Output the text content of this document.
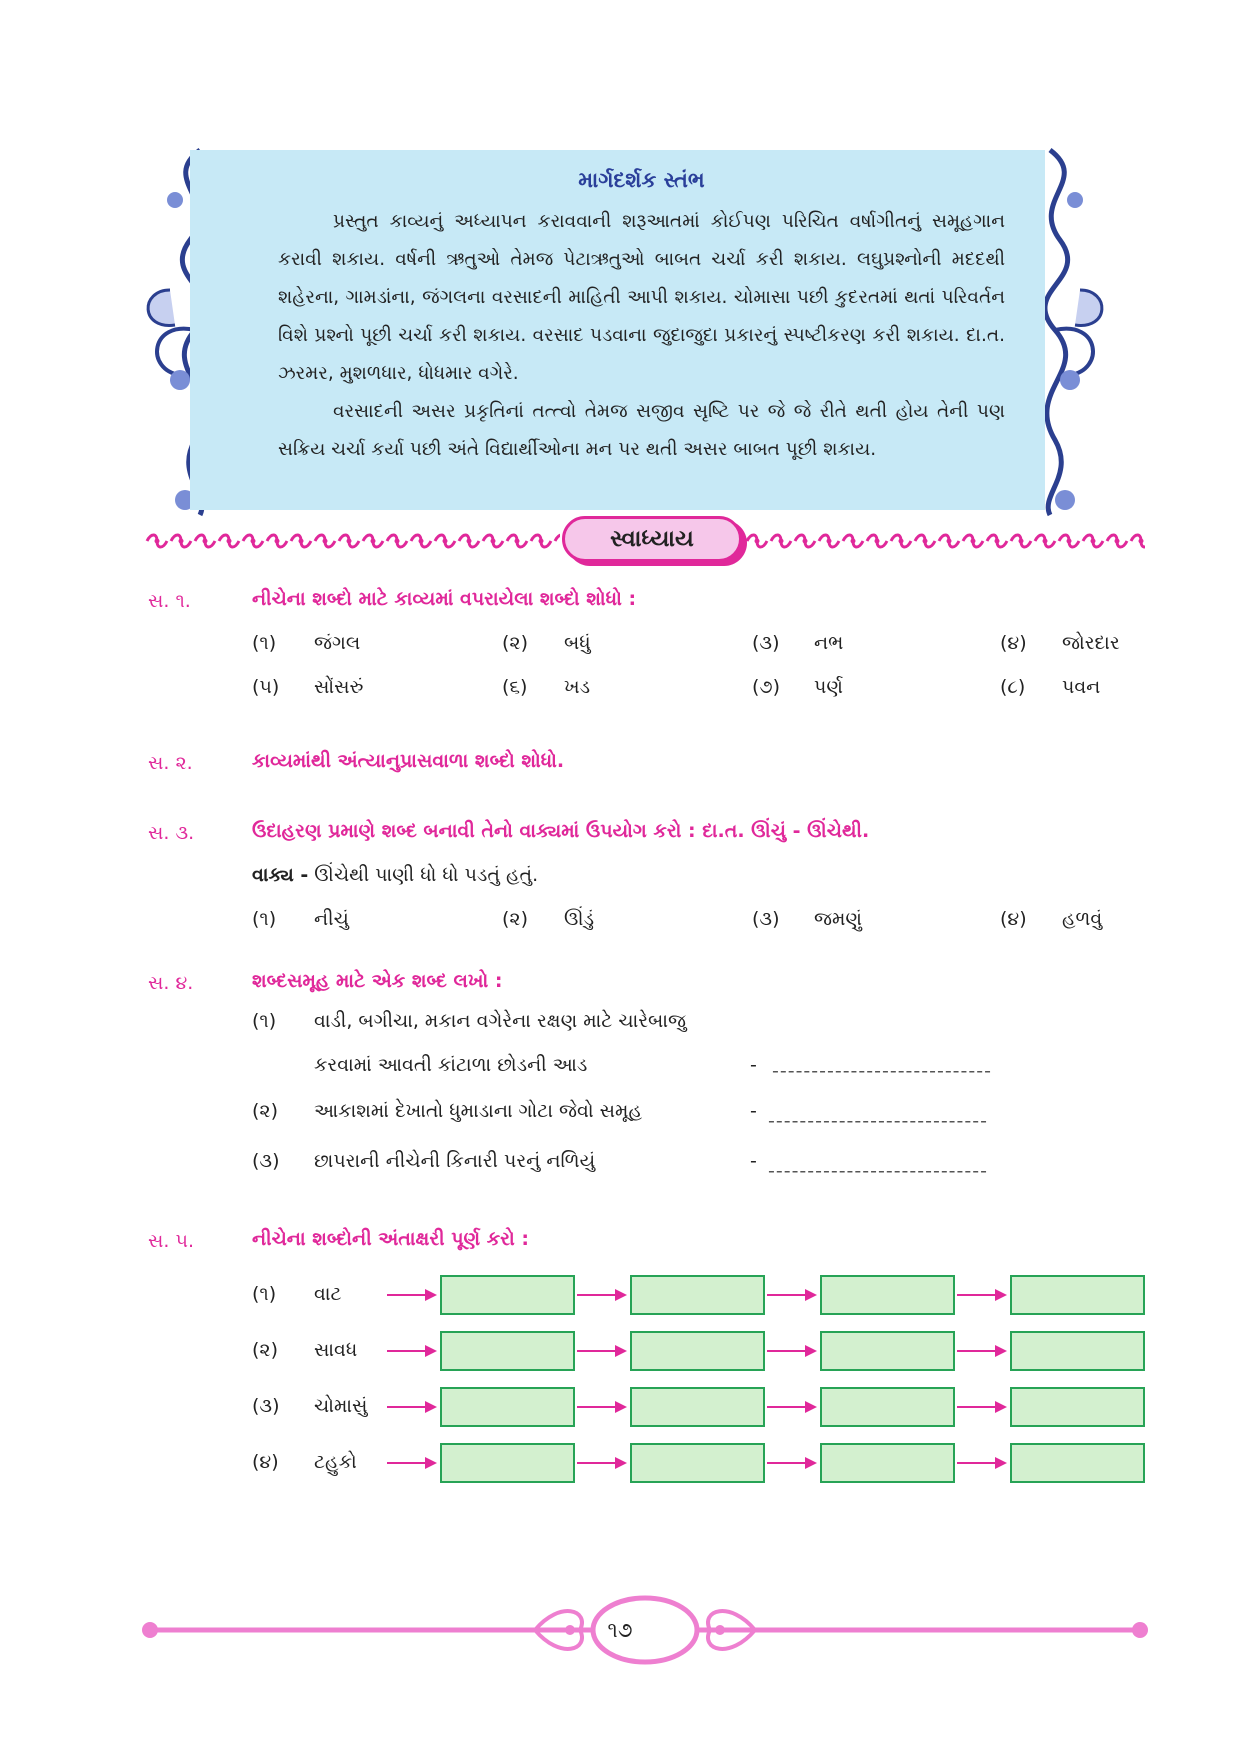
માર્ગદર્શક સ્તંભ

પ્રસ્તુત કાવ્યનું અધ્યાપન કરાવવાની શરૂઆતમાં કોઈપણ પરિચિત વર્ષાગીતનું સમૂહગાન કરાવી શકાય. વર્ષની ઋતુઓ તેમજ પેટાઋતુઓ બાબત ચર્ચા કરી શકાય. લઘુપ્રશ્નોની મદદથી શહેરના, ગામડાંના, જંગલના વરસાદની માહિતી આપી શકાય. ચોમાસા પછી કુદરતમાં થતાં પરિવર્તન વિશે પ્રશ્નો પૂછી ચર્ચા કરી શકાય. વરસાદ પડવાના જુદાજુદા પ્રકારનું સ્પષ્ટીકરણ કરી શકાય. દા.ત. ઝરમર, મુશળધાર, ધોધમાર વગેરે.

વરસાદની અસર પ્રકૃતિનાં તત્ત્વો તેમજ સજીવ સૃષ્ટિ પર જે જે રીતે થતી હોય તેની પણ સક્રિય ચર્ચા કર્યા પછી અંતે વિદ્યાર્થીઓના મન પર થતી અસર બાબત પૂછી શકાય.

સ્વાધ્યાય
સ. ૧.	નીચેના શબ્દો માટે કાવ્યમાં વપરાયેલા શબ્દો શોધો :
(૧)	જંગલ	(૨)	બધું	(૩)	નભ	(૪)	જોરદાર
(૫)	સોંસરું	(૬)	ખડ	(૭)	પર્ણ	(૮)	પવન
સ. ૨.	કાવ્યમાંથી અંત્યાનુપ્રાસવાળા શબ્દો શોધો.
સ. ૩.	ઉદાહરણ પ્રમાણે શબ્દ બનાવી તેનો વાક્યમાં ઉપયોગ કરો : દા.ત. ઊંચું - ઊંચેથી.
વાક્ય - ઊંચેથી પાણી ધો ધો પડતું હતું.
(૧)	નીચું	(૨)	ઊંડું	(૩)	જમણું	(૪)	હળવું
સ. ૪.	શબ્દસમૂહ માટે એક શબ્દ લખો :
(૧)	વાડી, બગીચા, મકાન વગેરેના રક્ષણ માટે ચારેબાજુ
કરવામાં આવતી કાંટાળા છોડની આડ	- ----------------------------
(૨)	આકાશમાં દેખાતો ધુમાડાના ગોટા જેવો સમૂહ	- ----------------------------
(૩)	છાપરાની નીચેની કિનારી પરનું નળિયું	- ----------------------------
સ. ૫.	નીચેના શબ્દોની અંતાક્ષરી પૂર્ણ કરો :
(૧)	વાટ
(૨)	સાવધ
(૩)	ચોમાસું
(૪)	ટહુકો
૧૭
